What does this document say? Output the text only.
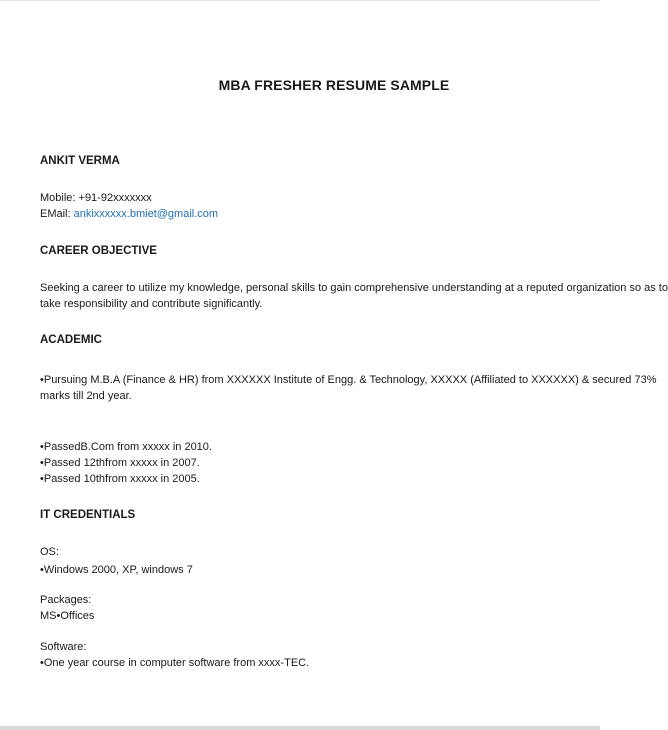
MBA FRESHER RESUME SAMPLE
ANKIT VERMA
Mobile: +91-92xxxxxxx
EMail: ankixxxxxx.bmiet@gmail.com
CAREER OBJECTIVE
Seeking a career to utilize my knowledge, personal skills to gain comprehensive understanding at a reputed organization so as to
take responsibility and contribute significantly.
ACADEMIC
•Pursuing M.B.A (Finance & HR) from XXXXXX Institute of Engg. & Technology, XXXXX (Affiliated to XXXXXX) & secured 73%
marks till 2nd year.
•PassedB.Com from xxxxx in 2010.
•Passed 12thfrom xxxxx in 2007.
•Passed 10thfrom xxxxx in 2005.
IT CREDENTIALS
OS:
•Windows 2000, XP, windows 7
Packages:
MS•Offices
Software:
•One year course in computer software from xxxx-TEC.
